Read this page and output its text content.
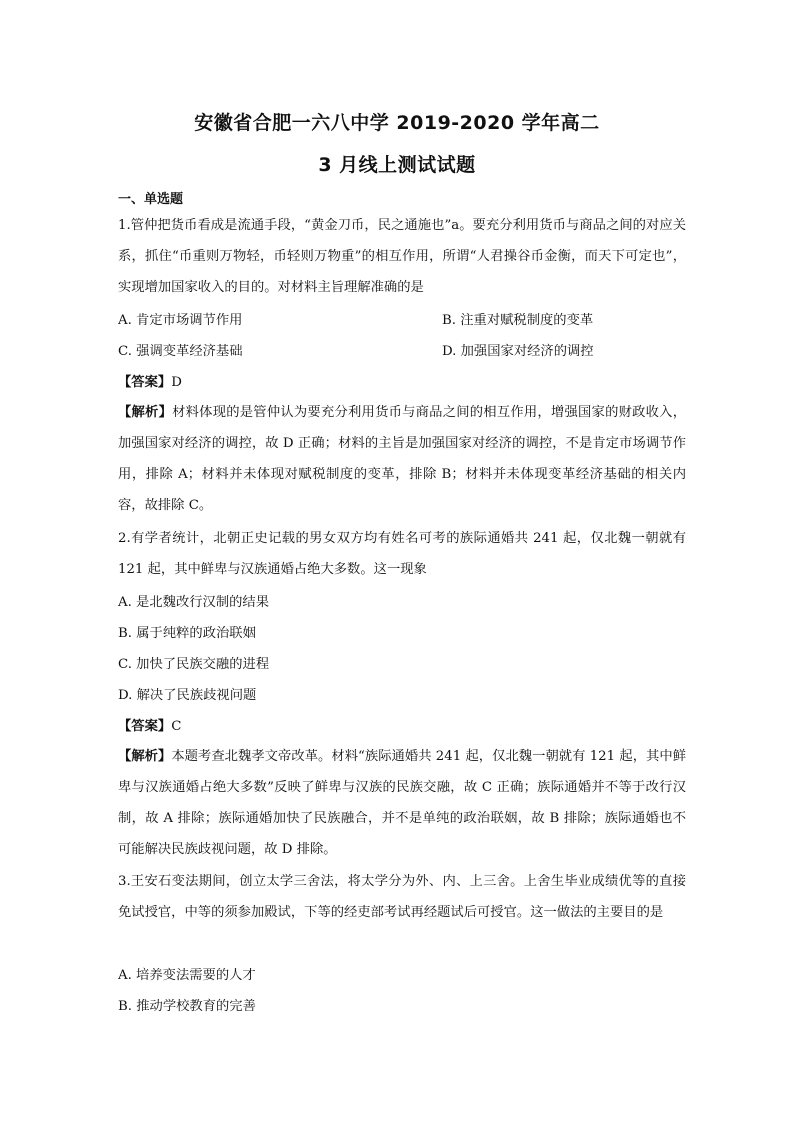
安徽省合肥一六八中学 2019-2020 学年高二
3 月线上测试试题
一、单选题
1.管仲把货币看成是流通手段，“黄金刀币，民之通施也”a。要充分利用货币与商品之间的对应关系，抓住“币重则万物轻，币轻则万物重”的相互作用，所谓“人君操谷币金衡，而天下可定也”，实现增加国家收入的目的。对材料主旨理解准确的是
A. 肯定市场调节作用	B. 注重对赋税制度的变革
C. 强调变革经济基础	D. 加强国家对经济的调控
【答案】D
【解析】材料体现的是管仲认为要充分利用货币与商品之间的相互作用，增强国家的财政收入，加强国家对经济的调控，故 D 正确；材料的主旨是加强国家对经济的调控，不是肯定市场调节作用，排除 A；材料并未体现对赋税制度的变革，排除 B；材料并未体现变革经济基础的相关内容，故排除 C。
2.有学者统计，北朝正史记载的男女双方均有姓名可考的族际通婚共 241 起，仅北魏一朝就有 121 起，其中鲜卑与汉族通婚占绝大多数。这一现象
A. 是北魏改行汉制的结果
B. 属于纯粹的政治联姻
C. 加快了民族交融的进程
D. 解决了民族歧视问题
【答案】C
【解析】本题考查北魏孝文帝改革。材料“族际通婚共 241 起，仅北魏一朝就有 121 起，其中鲜卑与汉族通婚占绝大多数”反映了鲜卑与汉族的民族交融，故 C 正确；族际通婚并不等于改行汉制，故 A 排除；族际通婚加快了民族融合，并不是单纯的政治联姻，故 B 排除；族际通婚也不可能解决民族歧视问题，故 D 排除。
3.王安石变法期间，创立太学三舍法，将太学分为外、内、上三舍。上舍生毕业成绩优等的直接免试授官，中等的须参加殿试，下等的经吏部考试再经题试后可授官。这一做法的主要目的是
A. 培养变法需要的人才
B. 推动学校教育的完善
